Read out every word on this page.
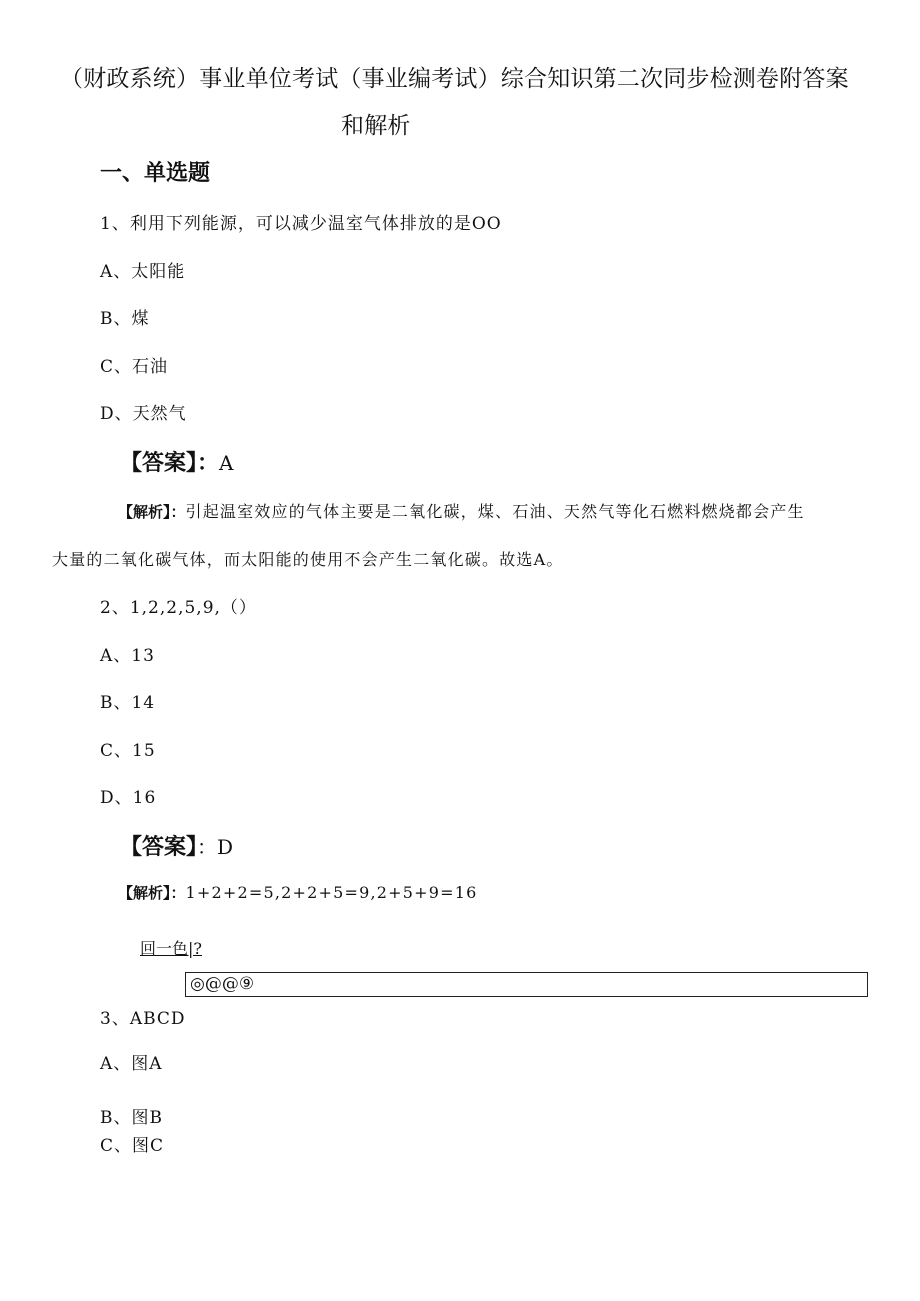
（财政系统）事业单位考试（事业编考试）综合知识第二次同步检测卷附答案
和解析
一、单选题
1、利用下列能源，可以减少温室气体排放的是OO
A、太阳能
B、煤
C、石油
D、天然气
【答案】：A
【解析】：引起温室效应的气体主要是二氧化碳，煤、石油、天然气等化石燃料燃烧都会产生
大量的二氧化碳气体，而太阳能的使用不会产生二氧化碳。故选A。
2、1,2,2,5,9,（）
A、13
B、14
C、15
D、16
【答案】：D
【解析】：1+2+2=5,2+2+5=9,2+5+9=16
回一色|?
◎@@⑨
3、ABCD
A、图A
B、图B
C、图C
